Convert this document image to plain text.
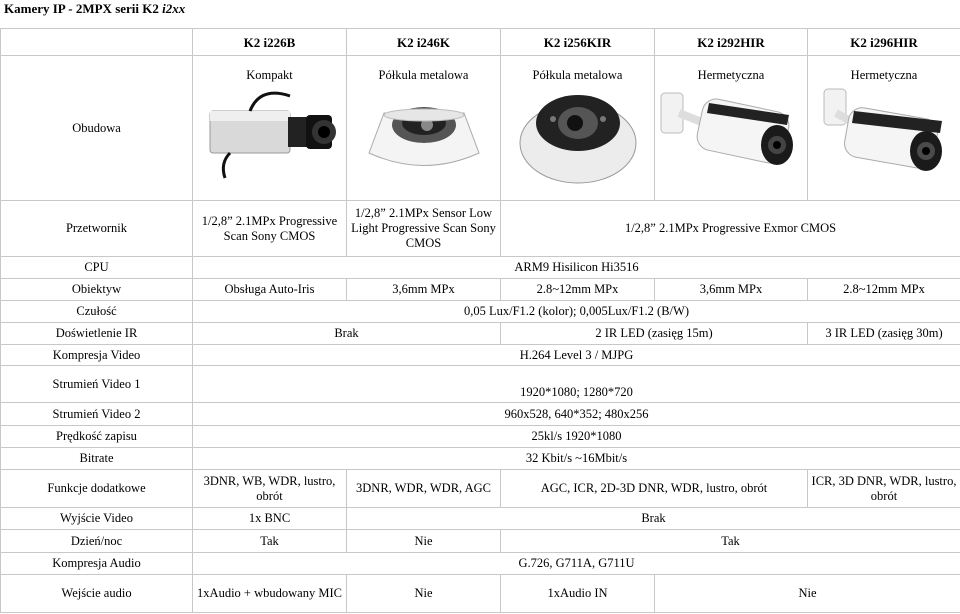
Kamery IP - 2MPX serii K2 i2xx
	K2 i226B	K2 i246K	K2 i256KIR	K2 i292HIR	K2 i296HIR
Obudowa	Kompakt	Półkula metalowa	Półkula metalowa	Hermetyczna	Hermetyczna

Przetwornik	1/2,8” 2.1MPx Progressive Scan Sony CMOS	1/2,8” 2.1MPx Sensor Low Light Progressive Scan Sony CMOS	1/2,8” 2.1MPx Progressive Exmor CMOS		
CPU	ARM9 Hisilicon Hi3516				
Obiektyw	Obsługa Auto-Iris	3,6mm MPx	2.8~12mm MPx	3,6mm MPx	2.8~12mm MPx
Czułość	0,05 Lux/F1.2 (kolor); 0,005Lux/F1.2 (B/W)				
Doświetlenie IR	Brak		2 IR LED (zasięg 15m)		3 IR LED (zasięg 30m)
Kompresja Video	H.264 Level 3 / MJPG				
Strumień Video 1	1920*1080; 1280*720				
Strumień Video 2	960x528, 640*352; 480x256				
Prędkość zapisu	25kl/s 1920*1080				
Bitrate	32 Kbit/s ~16Mbit/s				
Funkcje dodatkowe	3DNR, WB, WDR, lustro, obrót	3DNR, WDR, WDR, AGC	AGC, ICR, 2D-3D DNR, WDR, lustro, obrót		ICR, 3D DNR, WDR, lustro, obrót
Wyjście Video	1x BNC	Brak			
Dzień/noc	Tak	Nie	Tak		
Kompresja Audio	G.726, G711A, G711U				
Wejście audio	1xAudio + wbudowany MIC	Nie	1xAudio IN	Nie	
